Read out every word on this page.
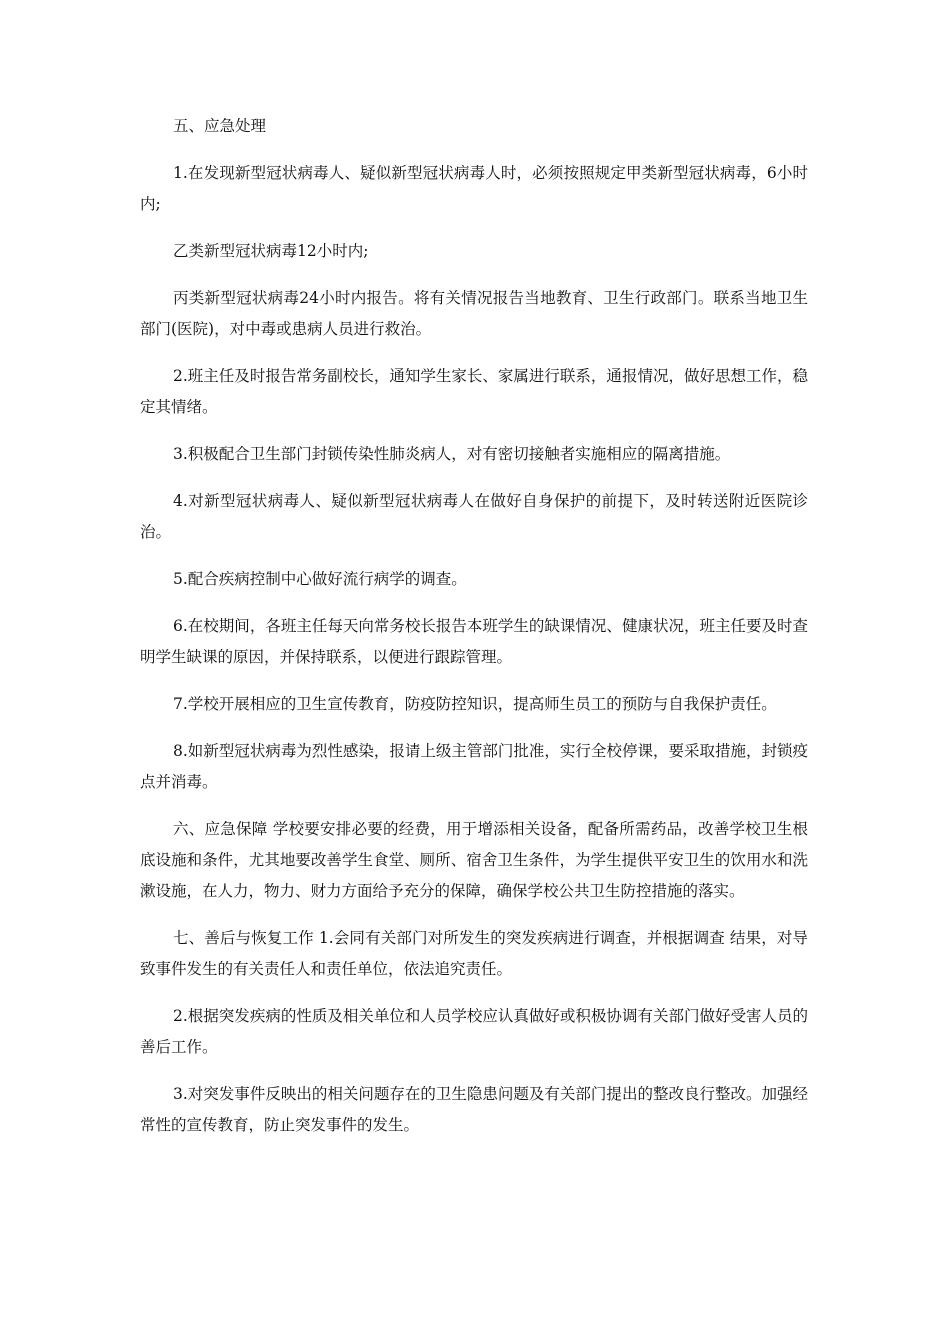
五、应急处理

1.在发现新型冠状病毒人、疑似新型冠状病毒人时，必须按照规定甲类新型冠状病毒，6小时内;

乙类新型冠状病毒12小时内;

丙类新型冠状病毒24小时内报告。将有关情况报告当地教育、卫生行政部门。联系当地卫生部门(医院)，对中毒或患病人员进行救治。

2.班主任及时报告常务副校长，通知学生家长、家属进行联系，通报情况，做好思想工作，稳定其情绪。

3.积极配合卫生部门封锁传染性肺炎病人，对有密切接触者实施相应的隔离措施。

4.对新型冠状病毒人、疑似新型冠状病毒人在做好自身保护的前提下，及时转送附近医院诊治。

5.配合疾病控制中心做好流行病学的调查。

6.在校期间，各班主任每天向常务校长报告本班学生的缺课情况、健康状况，班主任要及时查明学生缺课的原因，并保持联系，以便进行跟踪管理。

7.学校开展相应的卫生宣传教育，防疫防控知识，提高师生员工的预防与自我保护责任。

8.如新型冠状病毒为烈性感染，报请上级主管部门批准，实行全校停课，要采取措施，封锁疫点并消毒。

六、应急保障 学校要安排必要的经费，用于增添相关设备，配备所需药品，改善学校卫生根底设施和条件，尤其地要改善学生食堂、厕所、宿舍卫生条件，为学生提供平安卫生的饮用水和洗漱设施，在人力，物力、财力方面给予充分的保障，确保学校公共卫生防控措施的落实。

七、善后与恢复工作 1.会同有关部门对所发生的突发疾病进行调查，并根据调查 结果，对导致事件发生的有关责任人和责任单位，依法追究责任。

2.根据突发疾病的性质及相关单位和人员学校应认真做好或积极协调有关部门做好受害人员的善后工作。

3.对突发事件反映出的相关问题存在的卫生隐患问题及有关部门提出的整改良行整改。加强经常性的宣传教育，防止突发事件的发生。
